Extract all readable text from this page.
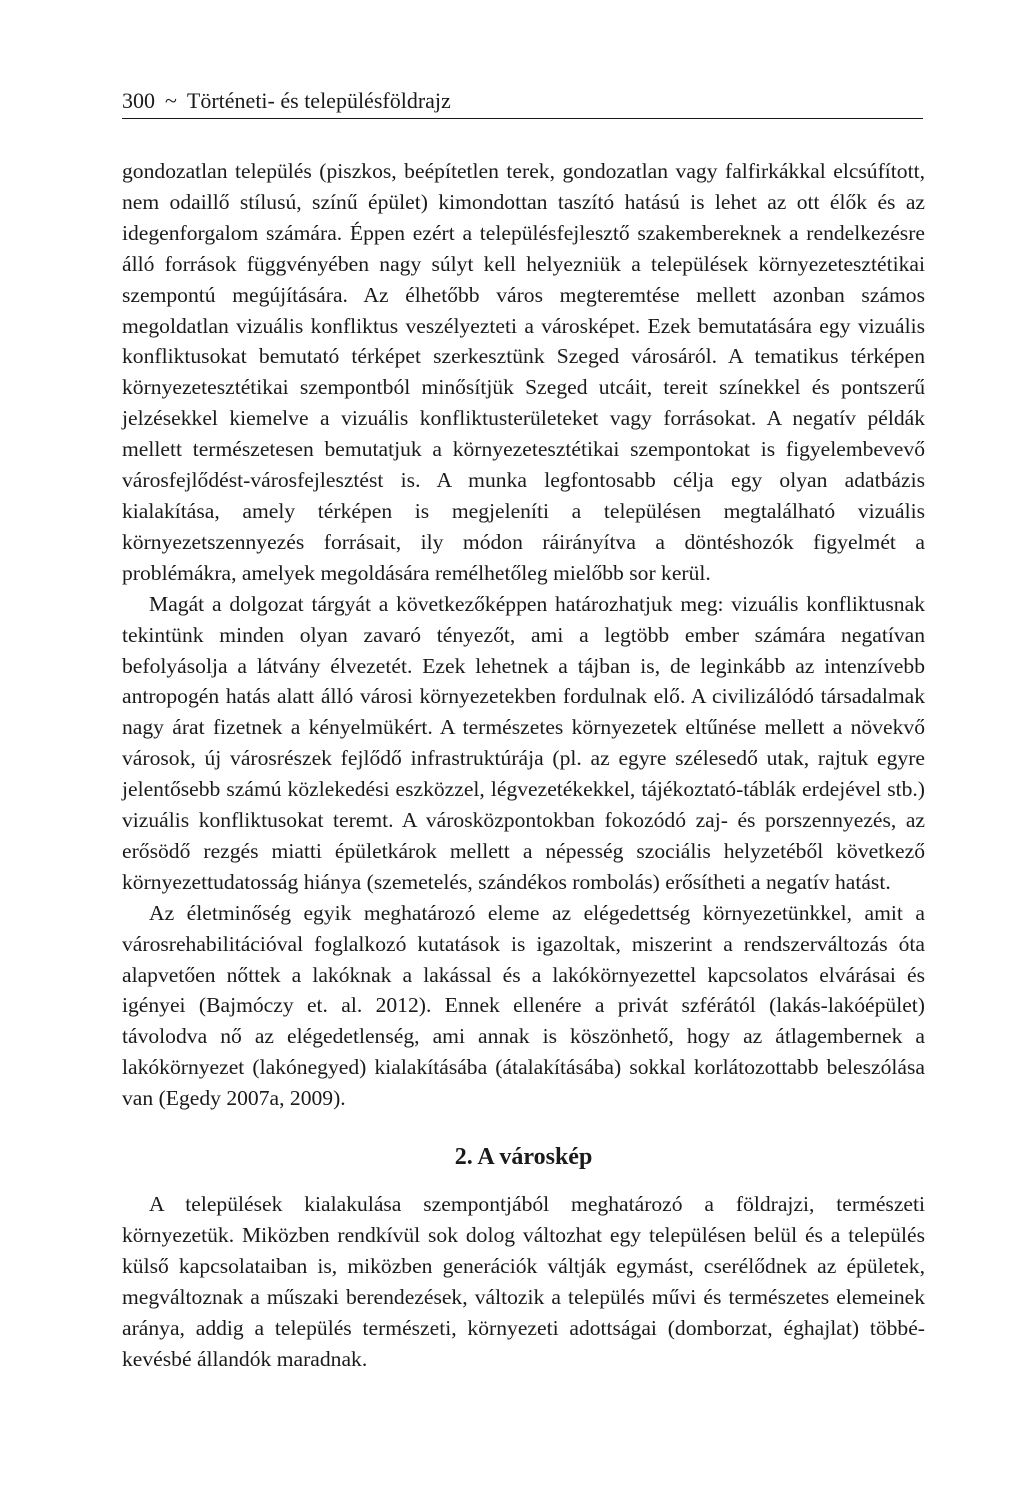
300 ~ Történeti- és településföldrajz

gondozatlan település (piszkos, beépítetlen terek, gondozatlan vagy falfirkákkal elcsúfított, nem odaillő stílusú, színű épület) kimondottan taszító hatású is lehet az ott élők és az idegenforgalom számára. Éppen ezért a településfejlesztő szakembereknek a rendelkezésre álló források függvényében nagy súlyt kell helyezniük a települések környezetesztétikai szempontú megújítására. Az élhetőbb város megteremtése mellett azonban számos megoldatlan vizuális konfliktus veszélyezteti a városképet. Ezek bemutatására egy vizuális konfliktusokat bemutató térképet szerkesztünk Szeged városáról. A tematikus térképen környezetesztétikai szempontból minősítjük Szeged utcáit, tereit színekkel és pontszerű jelzésekkel kiemelve a vizuális konfliktusterületeket vagy forrásokat. A negatív példák mellett természetesen bemutatjuk a környezetesztétikai szempontokat is figyelembevevő városfejlődést-városfejlesztést is. A munka legfontosabb célja egy olyan adatbázis kialakítása, amely térképen is megjeleníti a településen megtalálható vizuális környezetszennyezés forrásait, ily módon ráirányítva a döntéshozók figyelmét a problémákra, amelyek megoldására remélhetőleg mielőbb sor kerül.

Magát a dolgozat tárgyát a következőképpen határozhatjuk meg: vizuális konfliktusnak tekintünk minden olyan zavaró tényezőt, ami a legtöbb ember számára negatívan befolyásolja a látvány élvezetét. Ezek lehetnek a tájban is, de leginkább az intenzívebb antropogén hatás alatt álló városi környezetekben fordulnak elő. A civilizálódó társadalmak nagy árat fizetnek a kényelmükért. A természetes környezetek eltűnése mellett a növekvő városok, új városrészek fejlődő infrastruktúrája (pl. az egyre szélesedő utak, rajtuk egyre jelentősebb számú közlekedési eszközzel, légvezetékekkel, tájékoztató-táblák erdejével stb.) vizuális konfliktusokat teremt. A városközpontokban fokozódó zaj- és porszennyezés, az erősödő rezgés miatti épületkárok mellett a népesség szociális helyzetéből következő környezettudatosság hiánya (szemetelés, szándékos rombolás) erősítheti a negatív hatást.

Az életminőség egyik meghatározó eleme az elégedettség környezetünkkel, amit a városrehabilitációval foglalkozó kutatások is igazoltak, miszerint a rendszerváltozás óta alapvetően nőttek a lakóknak a lakással és a lakókörnyezettel kapcsolatos elvárásai és igényei (Bajmóczy et. al. 2012). Ennek ellenére a privát szférától (lakás-lakóépület) távolodva nő az elégedetlenség, ami annak is köszönhető, hogy az átlagembernek a lakókörnyezet (lakónegyed) kialakításába (átalakításába) sokkal korlátozottabb beleszólása van (Egedy 2007a, 2009).

2. A városkép

A települések kialakulása szempontjából meghatározó a földrajzi, természeti környezetük. Miközben rendkívül sok dolog változhat egy településen belül és a település külső kapcsolataiban is, miközben generációk váltják egymást, cserélődnek az épületek, megváltoznak a műszaki berendezések, változik a település művi és természetes elemeinek aránya, addig a település természeti, környezeti adottságai (domborzat, éghajlat) többé-kevésbé állandók maradnak.
